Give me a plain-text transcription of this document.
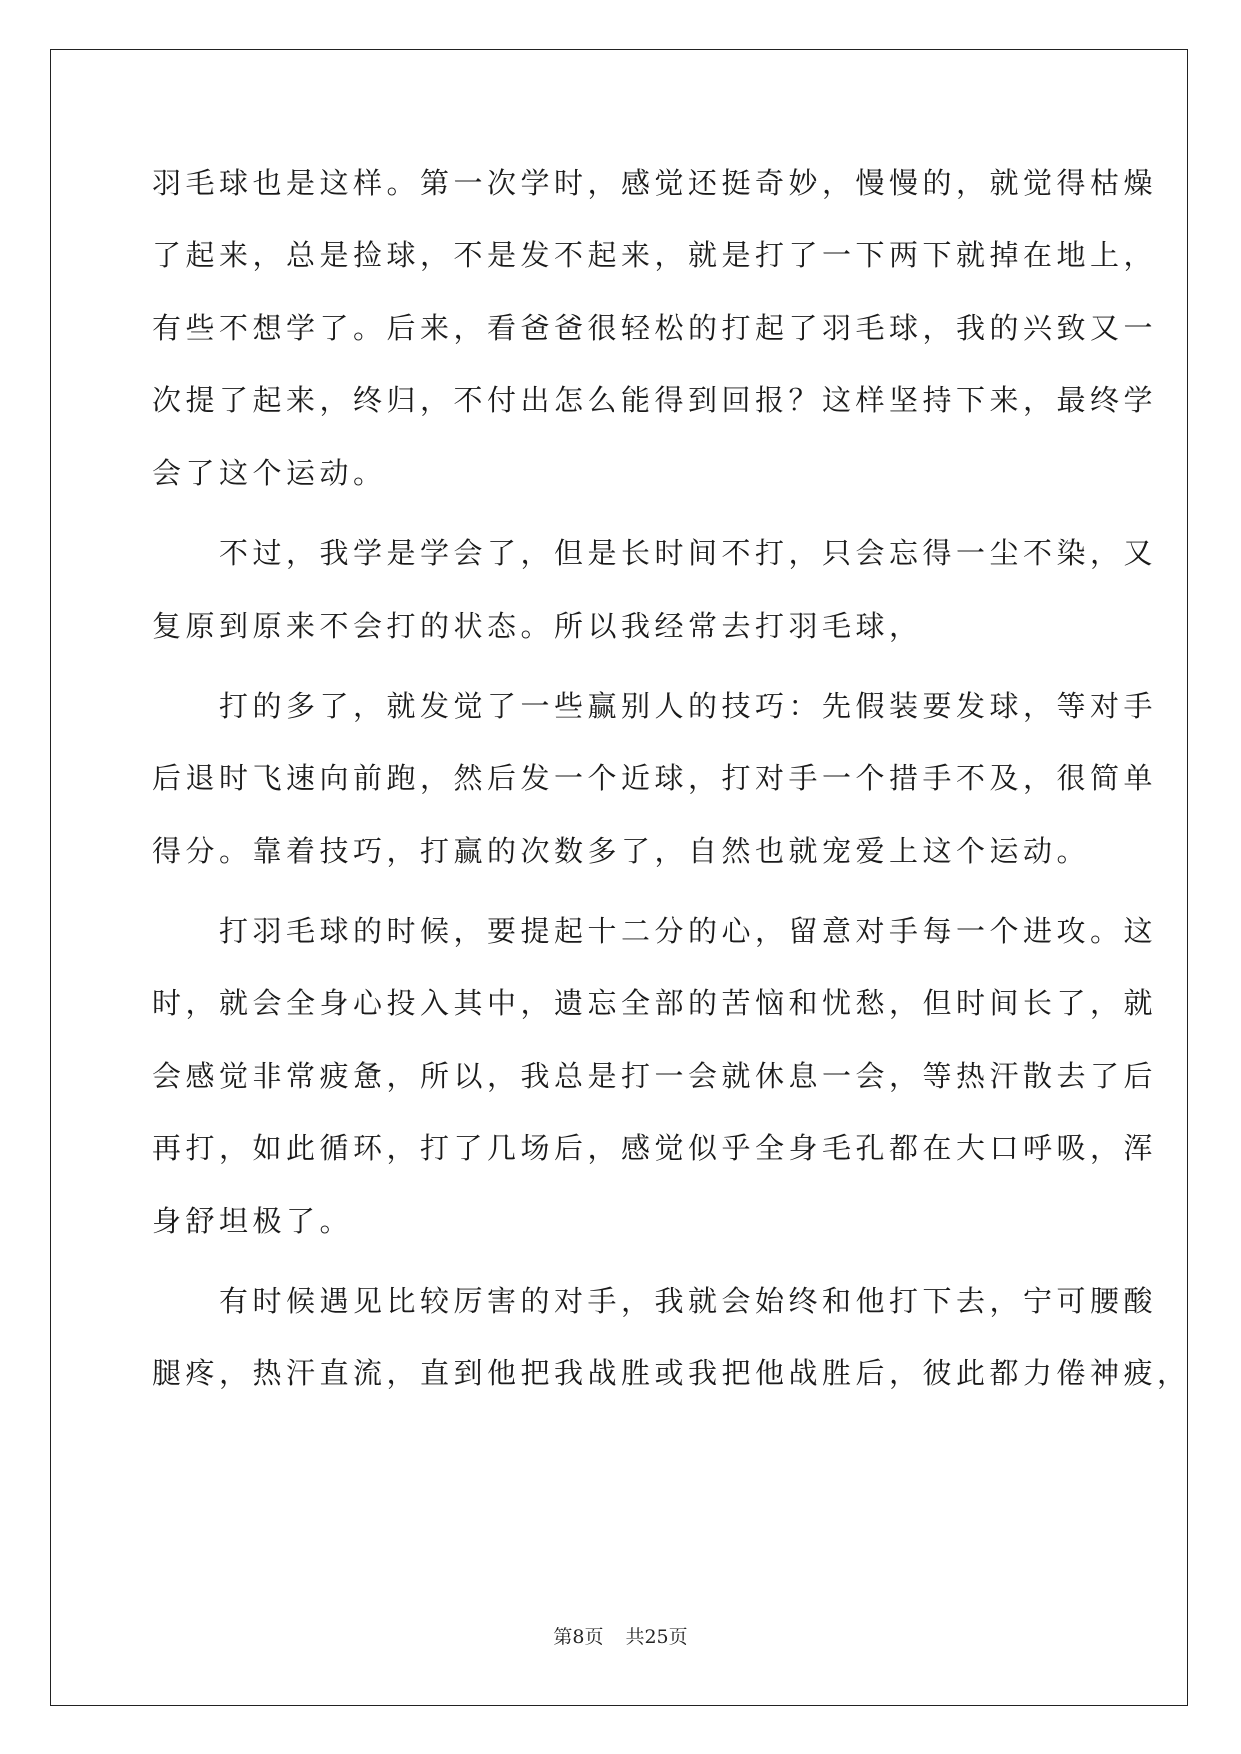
羽毛球也是这样。第一次学时，感觉还挺奇妙，慢慢的，就觉得枯燥
了起来，总是捡球，不是发不起来，就是打了一下两下就掉在地上，
有些不想学了。后来，看爸爸很轻松的打起了羽毛球，我的兴致又一
次提了起来，终归，不付出怎么能得到回报？这样坚持下来，最终学
会了这个运动。
　　不过，我学是学会了，但是长时间不打，只会忘得一尘不染，又
复原到原来不会打的状态。所以我经常去打羽毛球，
　　打的多了，就发觉了一些赢别人的技巧：先假装要发球，等对手
后退时飞速向前跑，然后发一个近球，打对手一个措手不及，很简单
得分。靠着技巧，打赢的次数多了，自然也就宠爱上这个运动。
　　打羽毛球的时候，要提起十二分的心，留意对手每一个进攻。这
时，就会全身心投入其中，遗忘全部的苦恼和忧愁，但时间长了，就
会感觉非常疲惫，所以，我总是打一会就休息一会，等热汗散去了后
再打，如此循环，打了几场后，感觉似乎全身毛孔都在大口呼吸，浑
身舒坦极了。
　　有时候遇见比较厉害的对手，我就会始终和他打下去，宁可腰酸
腿疼，热汗直流，直到他把我战胜或我把他战胜后，彼此都力倦神疲，
第8页 共25页
